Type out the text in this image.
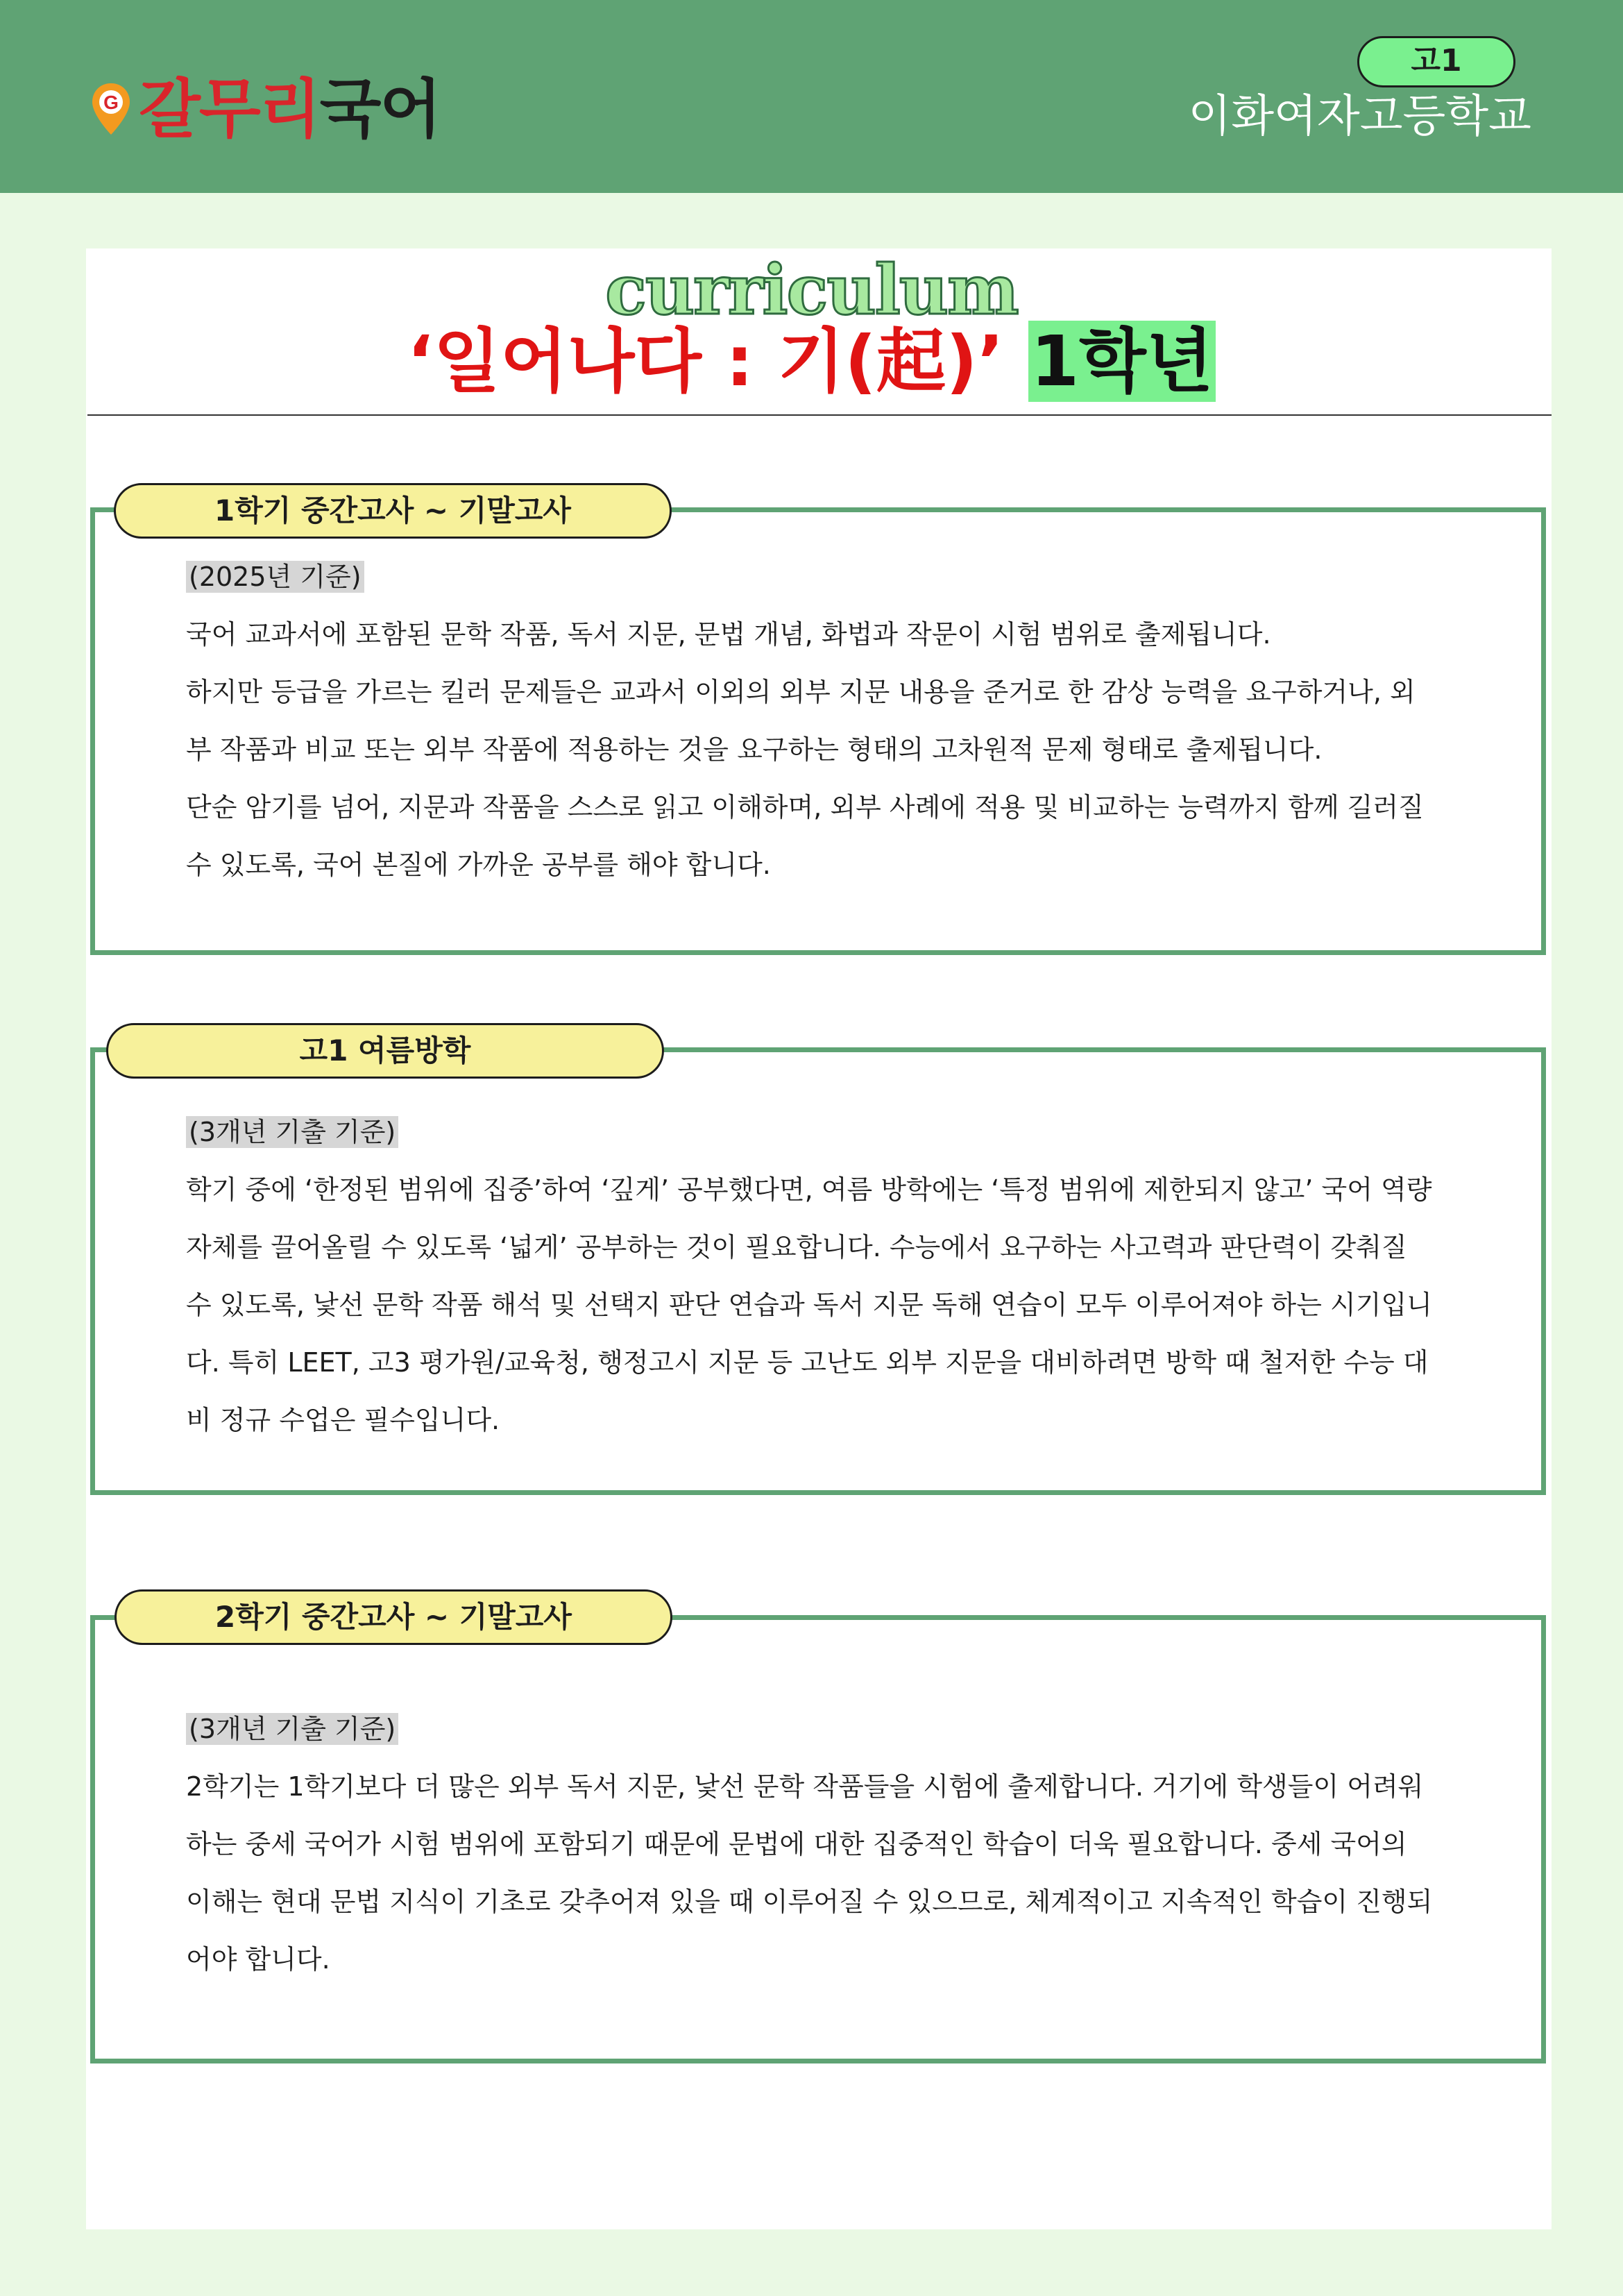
G 갈무리국어
고1
이화여자고등학교
curriculum
‘일어나다 : 기(起)’ 1학년
1학기 중간고사 ~ 기말고사

(2025년 기준)

국어 교과서에 포함된 문학 작품, 독서 지문, 문법 개념, 화법과 작문이 시험 범위로 출제됩니다.

하지만 등급을 가르는 킬러 문제들은 교과서 이외의 외부 지문 내용을 준거로 한 감상 능력을 요구하거나, 외부 작품과 비교 또는 외부 작품에 적용하는 것을 요구하는 형태의 고차원적 문제 형태로 출제됩니다.

단순 암기를 넘어, 지문과 작품을 스스로 읽고 이해하며, 외부 사례에 적용 및 비교하는 능력까지 함께 길러질 수 있도록, 국어 본질에 가까운 공부를 해야 합니다.

고1 여름방학

(3개년 기출 기준)

학기 중에 ‘한정된 범위에 집중’하여 ‘깊게’ 공부했다면, 여름 방학에는 ‘특정 범위에 제한되지 않고’ 국어 역량 자체를 끌어올릴 수 있도록 ‘넓게’ 공부하는 것이 필요합니다. 수능에서 요구하는 사고력과 판단력이 갖춰질 수 있도록, 낯선 문학 작품 해석 및 선택지 판단 연습과 독서 지문 독해 연습이 모두 이루어져야 하는 시기입니다. 특히 LEET, 고3 평가원/교육청, 행정고시 지문 등 고난도 외부 지문을 대비하려면 방학 때 철저한 수능 대비 정규 수업은 필수입니다.

2학기 중간고사 ~ 기말고사

(3개년 기출 기준)

2학기는 1학기보다 더 많은 외부 독서 지문, 낯선 문학 작품들을 시험에 출제합니다. 거기에 학생들이 어려워하는 중세 국어가 시험 범위에 포함되기 때문에 문법에 대한 집중적인 학습이 더욱 필요합니다. 중세 국어의 이해는 현대 문법 지식이 기초로 갖추어져 있을 때 이루어질 수 있으므로, 체계적이고 지속적인 학습이 진행되어야 합니다.
